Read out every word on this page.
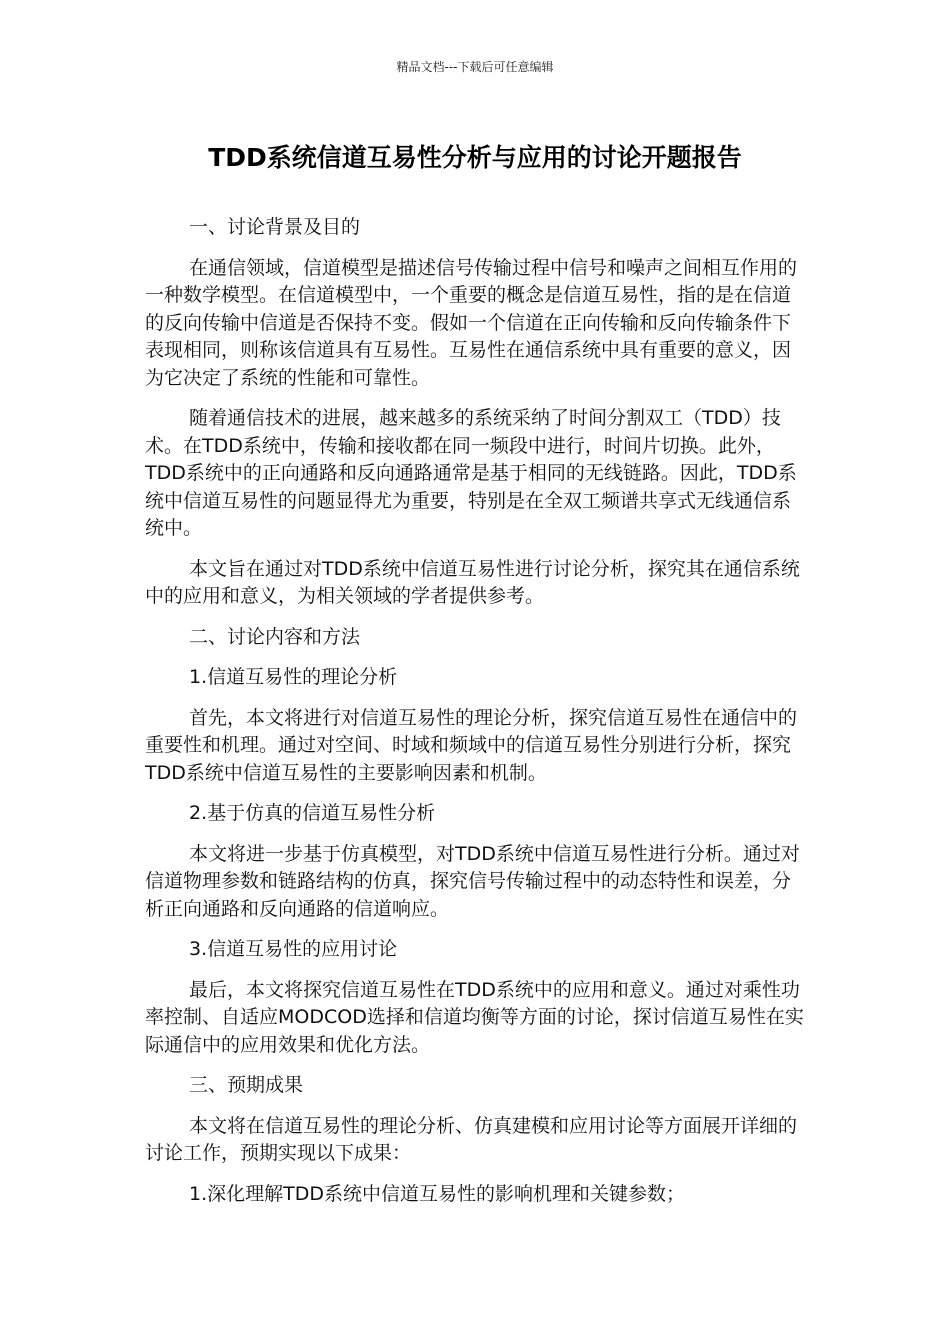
精品文档---下载后可任意编辑
TDD系统信道互易性分析与应用的讨论开题报告

一、讨论背景及目的

在通信领域，信道模型是描述信号传输过程中信号和噪声之间相互作用的一种数学模型。在信道模型中，一个重要的概念是信道互易性，指的是在信道的反向传输中信道是否保持不变。假如一个信道在正向传输和反向传输条件下表现相同，则称该信道具有互易性。互易性在通信系统中具有重要的意义，因为它决定了系统的性能和可靠性。

随着通信技术的进展，越来越多的系统采纳了时间分割双工（TDD）技术。在TDD系统中，传输和接收都在同一频段中进行，时间片切换。此外，TDD系统中的正向通路和反向通路通常是基于相同的无线链路。因此，TDD系统中信道互易性的问题显得尤为重要，特别是在全双工频谱共享式无线通信系统中。

本文旨在通过对TDD系统中信道互易性进行讨论分析，探究其在通信系统中的应用和意义，为相关领域的学者提供参考。

二、讨论内容和方法

1.信道互易性的理论分析

首先，本文将进行对信道互易性的理论分析，探究信道互易性在通信中的重要性和机理。通过对空间、时域和频域中的信道互易性分别进行分析，探究TDD系统中信道互易性的主要影响因素和机制。

2.基于仿真的信道互易性分析

本文将进一步基于仿真模型，对TDD系统中信道互易性进行分析。通过对信道物理参数和链路结构的仿真，探究信号传输过程中的动态特性和误差，分析正向通路和反向通路的信道响应。

3.信道互易性的应用讨论

最后，本文将探究信道互易性在TDD系统中的应用和意义。通过对乘性功率控制、自适应MODCOD选择和信道均衡等方面的讨论，探讨信道互易性在实际通信中的应用效果和优化方法。

三、预期成果

本文将在信道互易性的理论分析、仿真建模和应用讨论等方面展开详细的讨论工作，预期实现以下成果：

1.深化理解TDD系统中信道互易性的影响机理和关键参数；
